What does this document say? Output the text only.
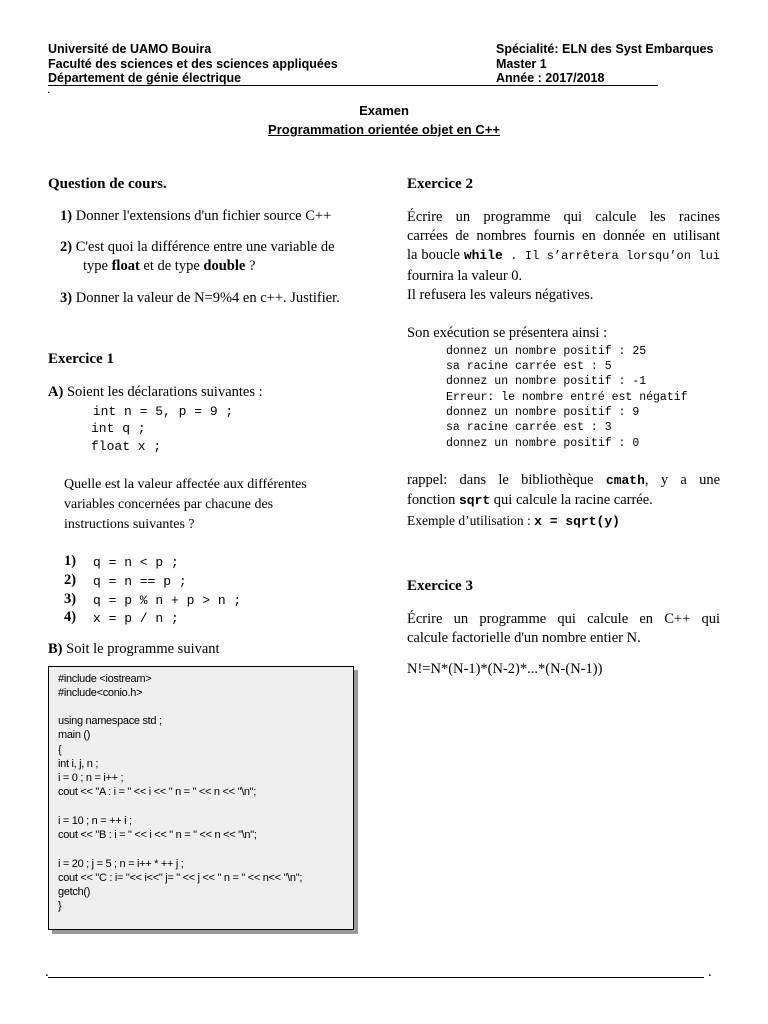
Université de UAMO Bouira
Faculté des sciences et des sciences appliquées
Département de génie électrique
Spécialité: ELN des Syst Embarques
Master 1
Année : 2017/2018
.
Examen
Programmation orientée objet en C++
Question de cours.
1) Donner l'extensions d'un fichier source C++
2) C'est quoi la différence entre une variable de
type float et de type double ?
3) Donner la valeur de N=9%4 en c++. Justifier.
Exercice 1
A) Soient les déclarations suivantes :
int n = 5, p = 9 ;
int q ;
float x ;
Quelle est la valeur affectée aux différentes
variables concernées par chacune des
instructions suivantes ?
1) q = n < p ;
2) q = n == p ;
3) q = p % n + p > n ;
4) x = p / n ;
B) Soit le programme suivant
#include <iostream>
#include<conio.h>
using namespace std ;
main ()
{
int i, j, n ;
i = 0 ; n = i++ ;
cout << "A : i = " << i << " n = " << n << "\n";
i = 10 ; n = ++ i ;
cout << "B : i = " << i << " n = " << n << "\n";
i = 20 ; j = 5 ; n = i++ * ++ j ;
cout << "C : i= "<< i<<" j= " << j << " n = " << n<< "\n";
getch()
}
Exercice 2
Écrire un programme qui calcule les racines
carrées de nombres fournis en donnée en utilisant
la boucle while . Il s’arrêtera lorsqu’on lui
fournira la valeur 0.
Il refusera les valeurs négatives.
Son exécution se présentera ainsi :
donnez un nombre positif : 25
sa racine carrée est : 5
donnez un nombre positif : -1
Erreur: le nombre entré est négatif
donnez un nombre positif : 9
sa racine carrée est : 3
donnez un nombre positif : 0
rappel: dans le bibliothèque cmath, y a une
fonction sqrt qui calcule la racine carrée.
Exemple d’utilisation : x = sqrt(y)
Exercice 3
Écrire un programme qui calcule en C++ qui
calcule factorielle d'un nombre entier N.
N!=N*(N-1)*(N-2)*...*(N-(N-1))
.	.
